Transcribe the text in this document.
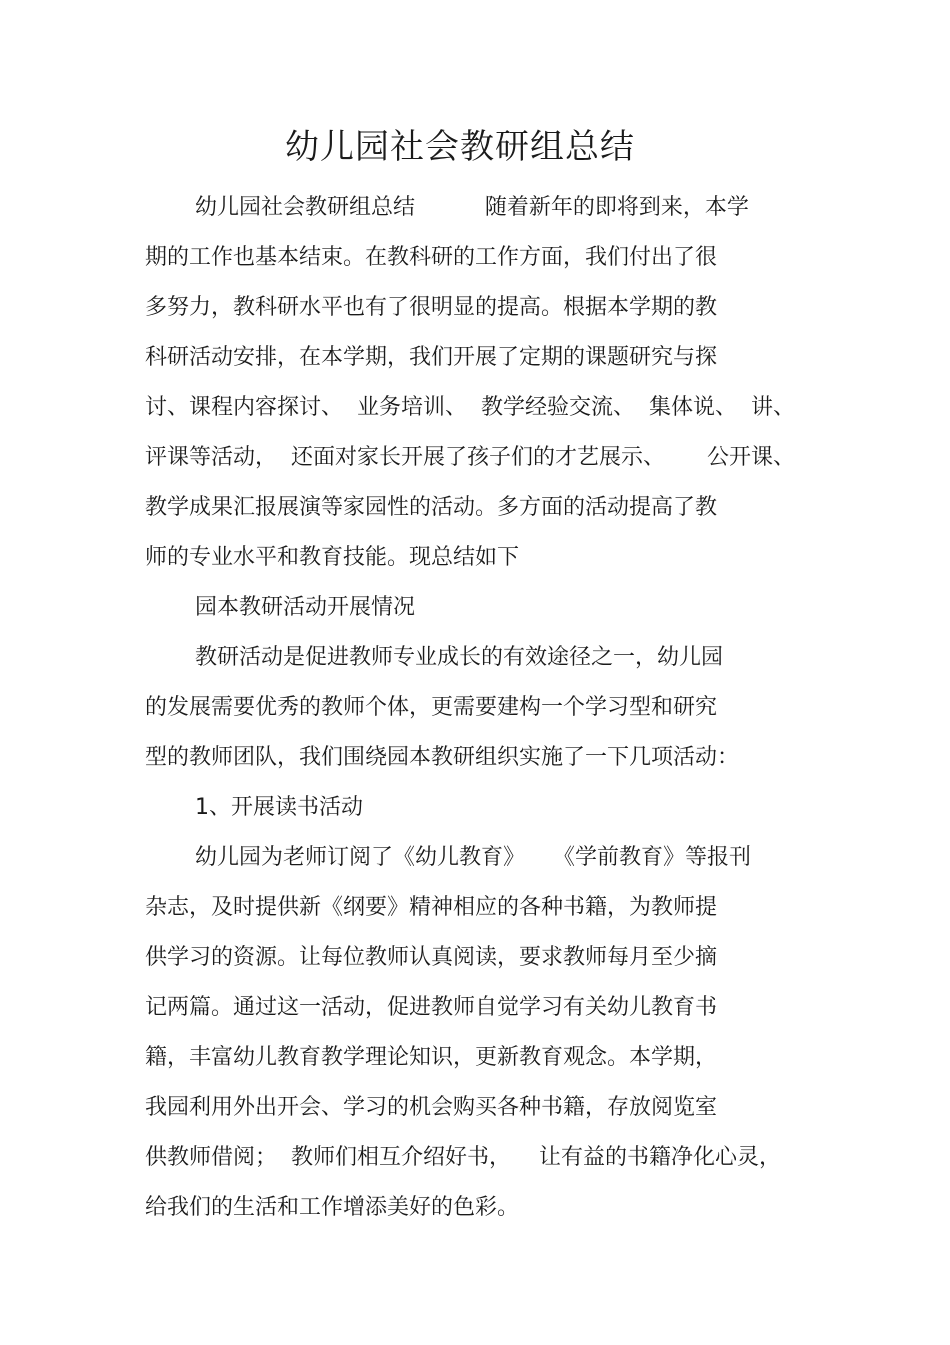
幼儿园社会教研组总结
幼儿园社会教研组总结          随着新年的即将到来，本学
期的工作也基本结束。在教科研的工作方面，我们付出了很
多努力，教科研水平也有了很明显的提高。根据本学期的教
科研活动安排，在本学期，我们开展了定期的课题研究与探
讨、课程内容探讨、  业务培训、  教学经验交流、  集体说、  讲、
评课等活动，  还面对家长开展了孩子们的才艺展示、      公开课、
教学成果汇报展演等家园性的活动。多方面的活动提高了教
师的专业水平和教育技能。现总结如下
园本教研活动开展情况
教研活动是促进教师专业成长的有效途径之一，幼儿园
的发展需要优秀的教师个体，更需要建构一个学习型和研究
型的教师团队，我们围绕园本教研组织实施了一下几项活动：
1、开展读书活动
幼儿园为老师订阅了《幼儿教育》    《学前教育》等报刊
杂志，及时提供新《纲要》精神相应的各种书籍，为教师提
供学习的资源。让每位教师认真阅读，要求教师每月至少摘
记两篇。通过这一活动，促进教师自觉学习有关幼儿教育书
籍，丰富幼儿教育教学理论知识，更新教育观念。本学期，
我园利用外出开会、学习的机会购买各种书籍，存放阅览室
供教师借阅；  教师们相互介绍好书，    让有益的书籍净化心灵，
给我们的生活和工作增添美好的色彩。
